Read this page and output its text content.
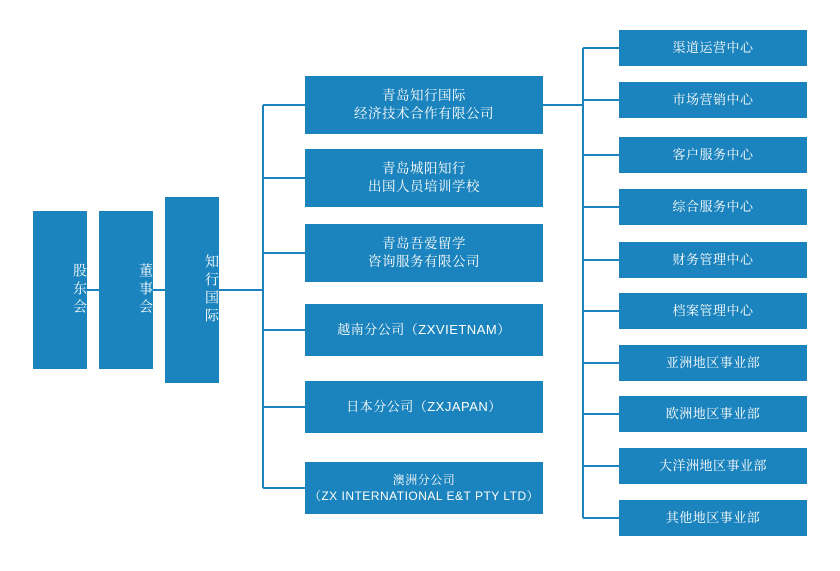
股东会	董事会	知行国际
青岛知行国际
经济技术合作有限公司
青岛城阳知行
出国人员培训学校
青岛吾爱留学
咨询服务有限公司
越南分公司（ZXVIETNAM）
日本分公司（ZXJAPAN）
澳洲分公司
（ZX INTERNATIONAL E&T PTY LTD）
渠道运营中心
市场营销中心
客户服务中心
综合服务中心
财务管理中心
档案管理中心
亚洲地区事业部
欧洲地区事业部
大洋洲地区事业部
其他地区事业部
